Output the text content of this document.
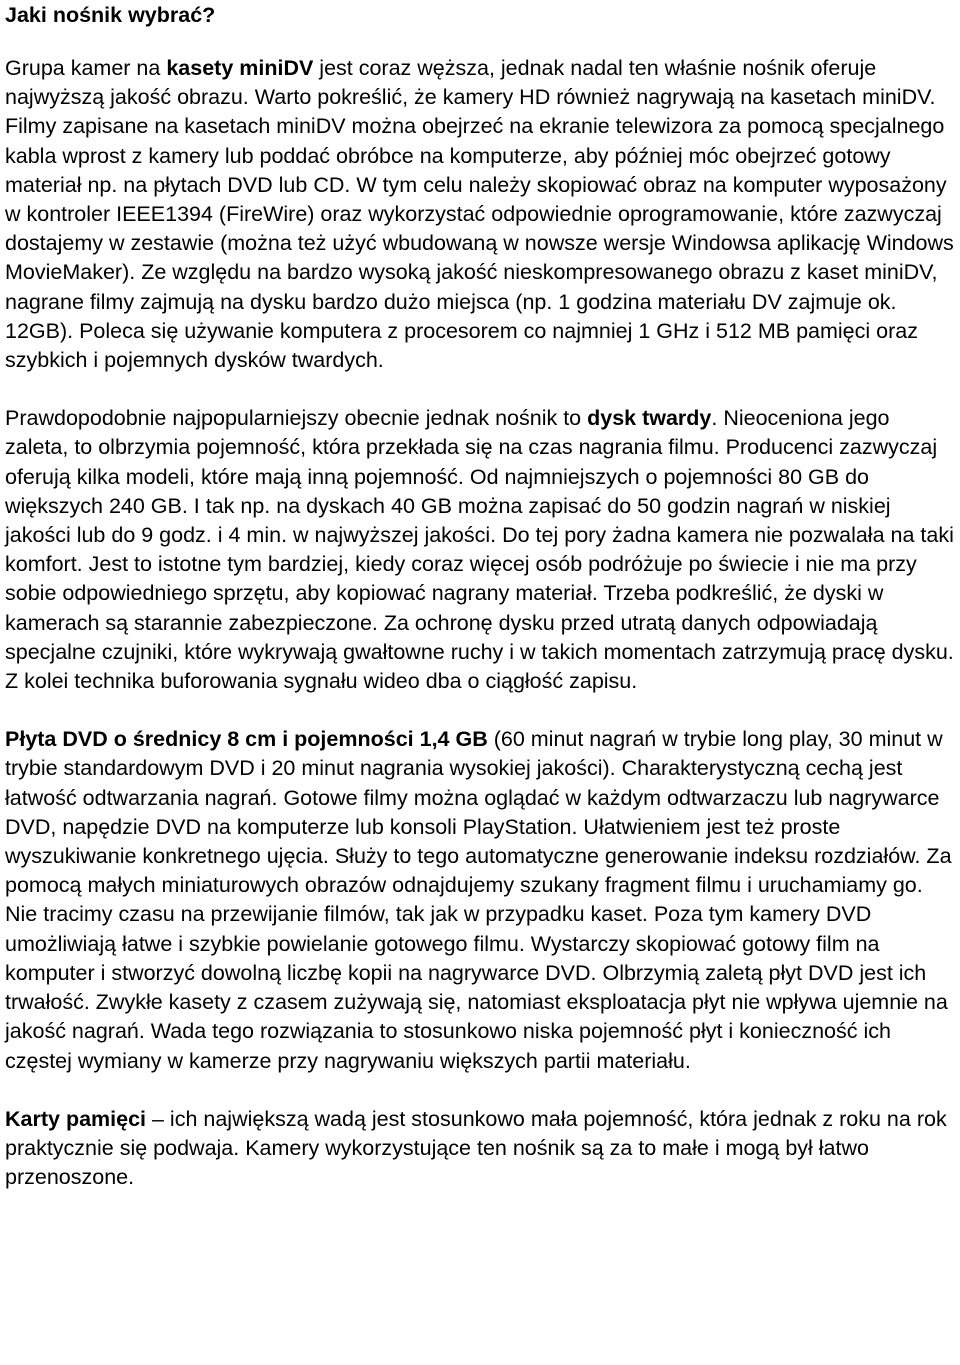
Jaki nośnik wybrać?

Grupa kamer na kasety miniDV jest coraz węższa, jednak nadal ten właśnie nośnik oferuje najwyższą jakość obrazu. Warto pokreślić, że kamery HD również nagrywają na kasetach miniDV. Filmy zapisane na kasetach miniDV można obejrzeć na ekranie telewizora za pomocą specjalnego kabla wprost z kamery lub poddać obróbce na komputerze, aby później móc obejrzeć gotowy materiał np. na płytach DVD lub CD. W tym celu należy skopiować obraz na komputer wyposażony w kontroler IEEE1394 (FireWire) oraz wykorzystać odpowiednie oprogramowanie, które zazwyczaj dostajemy w zestawie (można też użyć wbudowaną w nowsze wersje Windowsa aplikację Windows MovieMaker). Ze względu na bardzo wysoką jakość nieskompresowanego obrazu z kaset miniDV, nagrane filmy zajmują na dysku bardzo dużo miejsca (np. 1 godzina materiału DV zajmuje ok. 12GB). Poleca się używanie komputera z procesorem co najmniej 1 GHz i 512 MB pamięci oraz szybkich i pojemnych dysków twardych.

Prawdopodobnie najpopularniejszy obecnie jednak nośnik to dysk twardy. Nieoceniona jego zaleta, to olbrzymia pojemność, która przekłada się na czas nagrania filmu. Producenci zazwyczaj oferują kilka modeli, które mają inną pojemność. Od najmniejszych o pojemności 80 GB do większych 240 GB. I tak np. na dyskach 40 GB można zapisać do 50 godzin nagrań w niskiej jakości lub do 9 godz. i 4 min. w najwyższej jakości. Do tej pory żadna kamera nie pozwalała na taki komfort. Jest to istotne tym bardziej, kiedy coraz więcej osób podróżuje po świecie i nie ma przy sobie odpowiedniego sprzętu, aby kopiować nagrany materiał. Trzeba podkreślić, że dyski w kamerach są starannie zabezpieczone. Za ochronę dysku przed utratą danych odpowiadają specjalne czujniki, które wykrywają gwałtowne ruchy i w takich momentach zatrzymują pracę dysku. Z kolei technika buforowania sygnału wideo dba o ciągłość zapisu.

Płyta DVD o średnicy 8 cm i pojemności 1,4 GB (60 minut nagrań w trybie long play, 30 minut w trybie standardowym DVD i 20 minut nagrania wysokiej jakości). Charakterystyczną cechą jest łatwość odtwarzania nagrań. Gotowe filmy można oglądać w każdym odtwarzaczu lub nagrywarce DVD, napędzie DVD na komputerze lub konsoli PlayStation. Ułatwieniem jest też proste wyszukiwanie konkretnego ujęcia. Służy to tego automatyczne generowanie indeksu rozdziałów. Za pomocą małych miniaturowych obrazów odnajdujemy szukany fragment filmu i uruchamiamy go. Nie tracimy czasu na przewijanie filmów, tak jak w przypadku kaset. Poza tym kamery DVD umożliwiają łatwe i szybkie powielanie gotowego filmu. Wystarczy skopiować gotowy film na komputer i stworzyć dowolną liczbę kopii na nagrywarce DVD. Olbrzymią zaletą płyt DVD jest ich trwałość. Zwykłe kasety z czasem zużywają się, natomiast eksploatacja płyt nie wpływa ujemnie na jakość nagrań. Wada tego rozwiązania to stosunkowo niska pojemność płyt i konieczność ich częstej wymiany w kamerze przy nagrywaniu większych partii materiału.

Karty pamięci – ich największą wadą jest stosunkowo mała pojemność, która jednak z roku na rok praktycznie się podwaja. Kamery wykorzystujące ten nośnik są za to małe i mogą był łatwo przenoszone.
